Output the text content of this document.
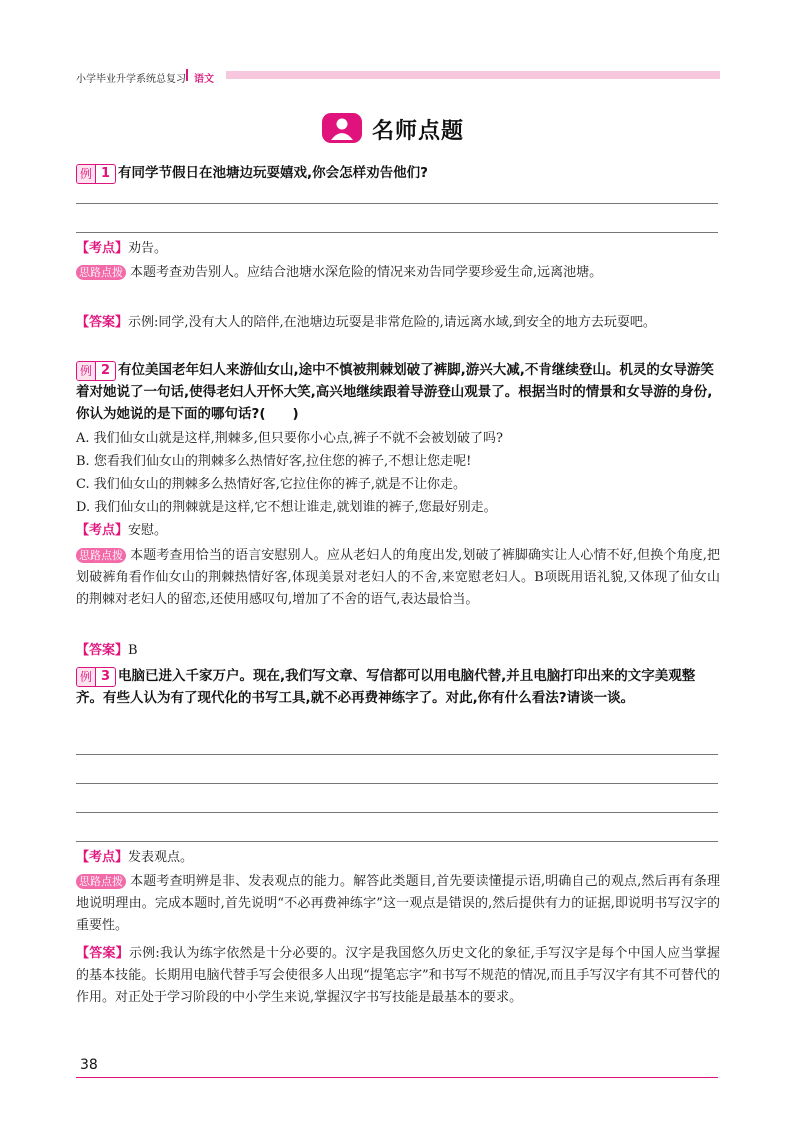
小学毕业升学系统总复习 语文
名师点题
例 1 有同学节假日在池塘边玩耍嬉戏,你会怎样劝告他们?
【考点】劝告。
思路点拨 本题考查劝告别人。应结合池塘水深危险的情况来劝告同学要珍爱生命,远离池塘。
【答案】示例:同学,没有大人的陪伴,在池塘边玩耍是非常危险的,请远离水域,到安全的地方去玩耍吧。
例 2 有位美国老年妇人来游仙女山,途中不慎被荆棘划破了裤脚,游兴大减,不肯继续登山。机灵的女导游笑着对她说了一句话,使得老妇人开怀大笑,高兴地继续跟着导游登山观景了。根据当时的情景和女导游的身份,你认为她说的是下面的哪句话?(　　)
A. 我们仙女山就是这样,荆棘多,但只要你小心点,裤子不就不会被划破了吗?
B. 您看我们仙女山的荆棘多么热情好客,拉住您的裤子,不想让您走呢!
C. 我们仙女山的荆棘多么热情好客,它拉住你的裤子,就是不让你走。
D. 我们仙女山的荆棘就是这样,它不想让谁走,就划谁的裤子,您最好别走。
【考点】安慰。
思路点拨 本题考查用恰当的语言安慰别人。应从老妇人的角度出发,划破了裤脚确实让人心情不好,但换个角度,把划破裤角看作仙女山的荆棘热情好客,体现美景对老妇人的不舍,来宽慰老妇人。B项既用语礼貌,又体现了仙女山的荆棘对老妇人的留恋,还使用感叹句,增加了不舍的语气,表达最恰当。
【答案】B
例 3 电脑已进入千家万户。现在,我们写文章、写信都可以用电脑代替,并且电脑打印出来的文字美观整齐。有些人认为有了现代化的书写工具,就不必再费神练字了。对此,你有什么看法?请谈一谈。
【考点】发表观点。
思路点拨 本题考查明辨是非、发表观点的能力。解答此类题目,首先要读懂提示语,明确自己的观点,然后再有条理地说明理由。完成本题时,首先说明“不必再费神练字”这一观点是错误的,然后提供有力的证据,即说明书写汉字的重要性。
【答案】示例:我认为练字依然是十分必要的。汉字是我国悠久历史文化的象征,手写汉字是每个中国人应当掌握的基本技能。长期用电脑代替手写会使很多人出现“提笔忘字”和书写不规范的情况,而且手写汉字有其不可替代的作用。对正处于学习阶段的中小学生来说,掌握汉字书写技能是最基本的要求。
38
